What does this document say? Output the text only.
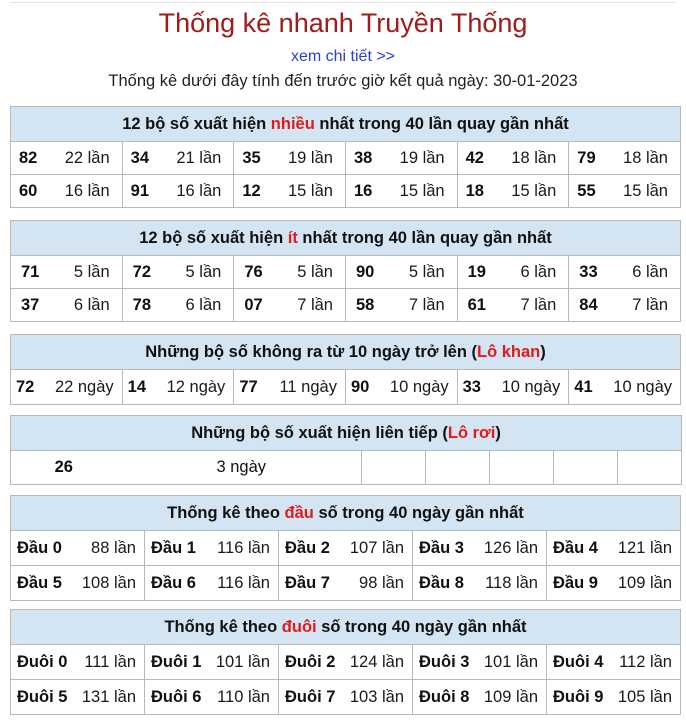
Thống kê nhanh Truyền Thống
xem chi tiết >>
Thống kê dưới đây tính đến trước giờ kết quả ngày: 30-01-2023
12 bộ số xuất hiện nhiều nhất trong 40 lần quay gần nhất					
82 22 lần	34 21 lần	35 19 lần	38 19 lần	42 18 lần	79 18 lần

60 16 lần	91 16 lần	12 15 lần	16 15 lần	18 15 lần	55 15 lần
12 bộ số xuất hiện ít nhất trong 40 lần quay gần nhất					
71 5 lần	72 5 lần	76 5 lần	90 5 lần	19 6 lần	33 6 lần

37 6 lần	78 6 lần	07 7 lần	58 7 lần	61 7 lần	84 7 lần
Những bộ số không ra từ 10 ngày trở lên (Lô khan)
72 22 ngày	14 12 ngày	77 11 ngày	90 10 ngày	33 10 ngày	41 10 ngày
Những bộ số xuất hiện liên tiếp (Lô rơi)
26	3 ngày					
Thống kê theo đầu số trong 40 ngày gần nhất				
Đầu 0 88 lần	Đầu 1 116 lần	Đầu 2 107 lần	Đầu 3 126 lần	Đầu 4 121 lần

Đầu 5 108 lần	Đầu 6 116 lần	Đầu 7 98 lần	Đầu 8 118 lần	Đầu 9 109 lần
Thống kê theo đuôi số trong 40 ngày gần nhất				
Đuôi 0 111 lần	Đuôi 1 101 lần	Đuôi 2 124 lần	Đuôi 3 101 lần	Đuôi 4 112 lần

Đuôi 5 131 lần	Đuôi 6 110 lần	Đuôi 7 103 lần	Đuôi 8 109 lần	Đuôi 9 105 lần
